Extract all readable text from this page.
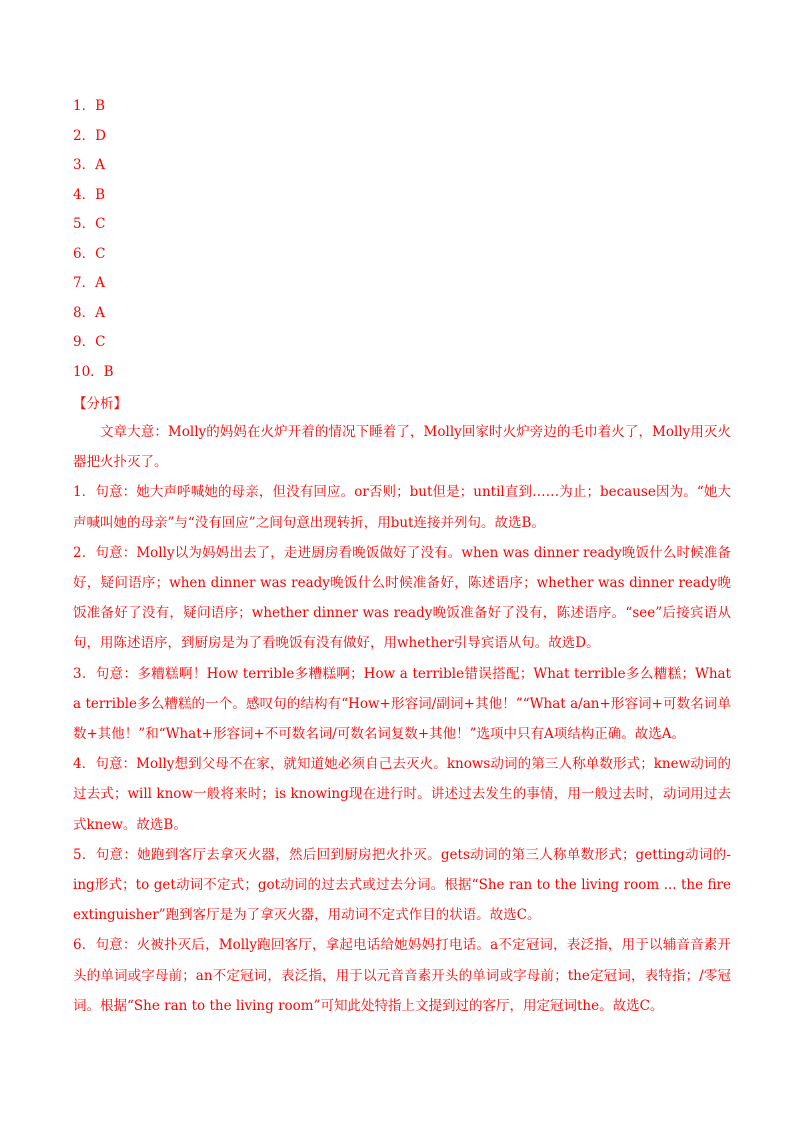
1．B
2．D
3．A
4．B
5．C
6．C
7．A
8．A
9．C
10．B
【分析】

文章大意：Molly的妈妈在火炉开着的情况下睡着了，Molly回家时火炉旁边的毛巾着火了，Molly用灭火器把火扑灭了。

1．句意：她大声呼喊她的母亲，但没有回应。or否则；but但是；until直到……为止；because因为。“她大声喊叫她的母亲”与“没有回应”之间句意出现转折，用but连接并列句。故选B。

2．句意：Molly以为妈妈出去了，走进厨房看晚饭做好了没有。when was dinner ready晚饭什么时候准备好，疑问语序；when dinner was ready晚饭什么时候准备好，陈述语序；whether was dinner ready晚饭准备好了没有，疑问语序；whether dinner was ready晚饭准备好了没有，陈述语序。“see”后接宾语从句，用陈述语序，到厨房是为了看晚饭有没有做好，用whether引导宾语从句。故选D。

3．句意：多糟糕啊！How terrible多糟糕啊；How a terrible错误搭配；What terrible多么糟糕；What a terrible多么糟糕的一个。感叹句的结构有“How+形容词/副词+其他！”“What a/an+形容词+可数名词单数+其他！”和“What+形容词+不可数名词/可数名词复数+其他！”选项中只有A项结构正确。故选A。

4．句意：Molly想到父母不在家，就知道她必须自己去灭火。knows动词的第三人称单数形式；knew动词的过去式；will know一般将来时；is knowing现在进行时。讲述过去发生的事情，用一般过去时，动词用过去式knew。故选B。

5．句意：她跑到客厅去拿灭火器，然后回到厨房把火扑灭。gets动词的第三人称单数形式；getting动词的-ing形式；to get动词不定式；got动词的过去式或过去分词。根据“She ran to the living room ... the fire extinguisher”跑到客厅是为了拿灭火器，用动词不定式作目的状语。故选C。

6．句意：火被扑灭后，Molly跑回客厅，拿起电话给她妈妈打电话。a不定冠词，表泛指，用于以辅音音素开头的单词或字母前；an不定冠词，表泛指，用于以元音音素开头的单词或字母前；the定冠词，表特指；/零冠词。根据“She ran to the living room”可知此处特指上文提到过的客厅，用定冠词the。故选C。
